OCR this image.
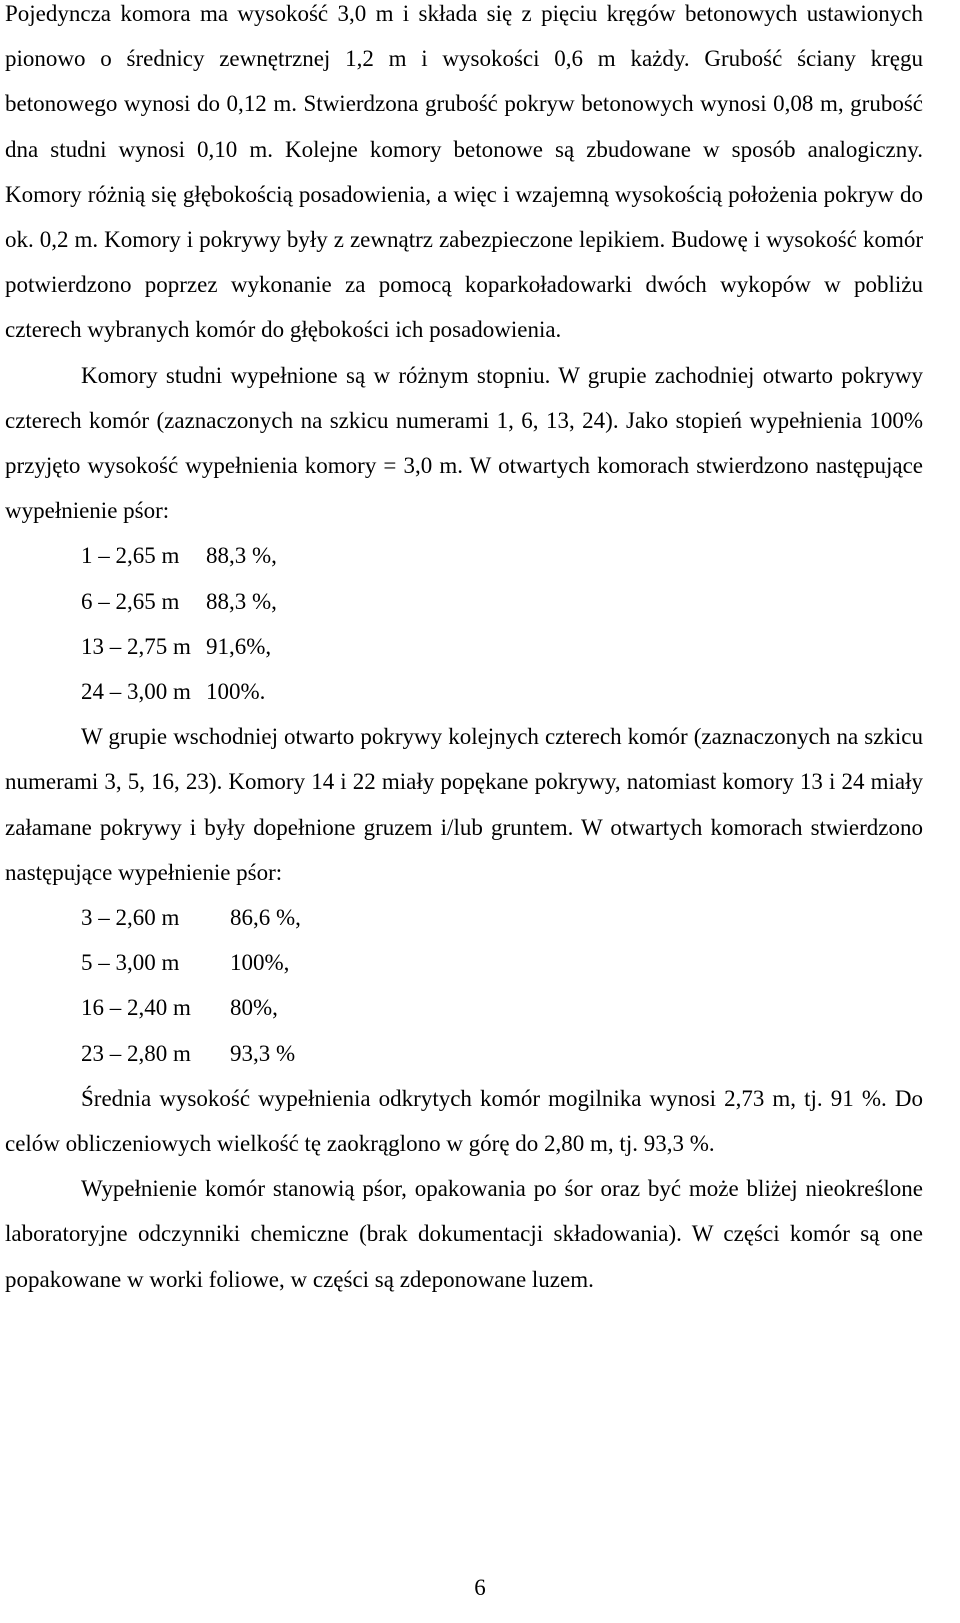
Pojedyncza komora ma wysokość 3,0 m i składa się z pięciu kręgów betonowych ustawionych pionowo o średnicy zewnętrznej 1,2 m i wysokości 0,6 m każdy. Grubość ściany kręgu betonowego wynosi do 0,12 m. Stwierdzona grubość pokryw betonowych wynosi 0,08 m, grubość dna studni wynosi 0,10 m. Kolejne komory betonowe są zbudowane w sposób analogiczny. Komory różnią się głębokością posadowienia, a więc i wzajemną wysokością położenia pokryw do ok. 0,2 m. Komory i pokrywy były z zewnątrz zabezpieczone lepikiem. Budowę i wysokość komór potwierdzono poprzez wykonanie za pomocą koparkoładowarki dwóch wykopów w pobliżu czterech wybranych komór do głębokości ich posadowienia.

Komory studni wypełnione są w różnym stopniu. W grupie zachodniej otwarto pokrywy czterech komór (zaznaczonych na szkicu numerami 1, 6, 13, 24). Jako stopień wypełnienia 100% przyjęto wysokość wypełnienia komory = 3,0 m. W otwartych komorach stwierdzono następujące wypełnienie pśor:

1 – 2,65 m 88,3 %,
6 – 2,65 m 88,3 %,
13 – 2,75 m 91,6%,
24 – 3,00 m 100%.

W grupie wschodniej otwarto pokrywy kolejnych czterech komór (zaznaczonych na szkicu numerami 3, 5, 16, 23). Komory 14 i 22 miały popękane pokrywy, natomiast komory 13 i 24 miały załamane pokrywy i były dopełnione gruzem i/lub gruntem. W otwartych komorach stwierdzono następujące wypełnienie pśor:

3 – 2,60 m 86,6 %,
5 – 3,00 m 100%,
16 – 2,40 m80%,
23 – 2,80 m93,3 %

Średnia wysokość wypełnienia odkrytych komór mogilnika wynosi 2,73 m, tj. 91 %. Do celów obliczeniowych wielkość tę zaokrąglono w górę do 2,80 m, tj. 93,3 %.

Wypełnienie komór stanowią pśor, opakowania po śor oraz być może bliżej nieokreślone laboratoryjne odczynniki chemiczne (brak dokumentacji składowania). W części komór są one popakowane w worki foliowe, w części są zdeponowane luzem.

6
